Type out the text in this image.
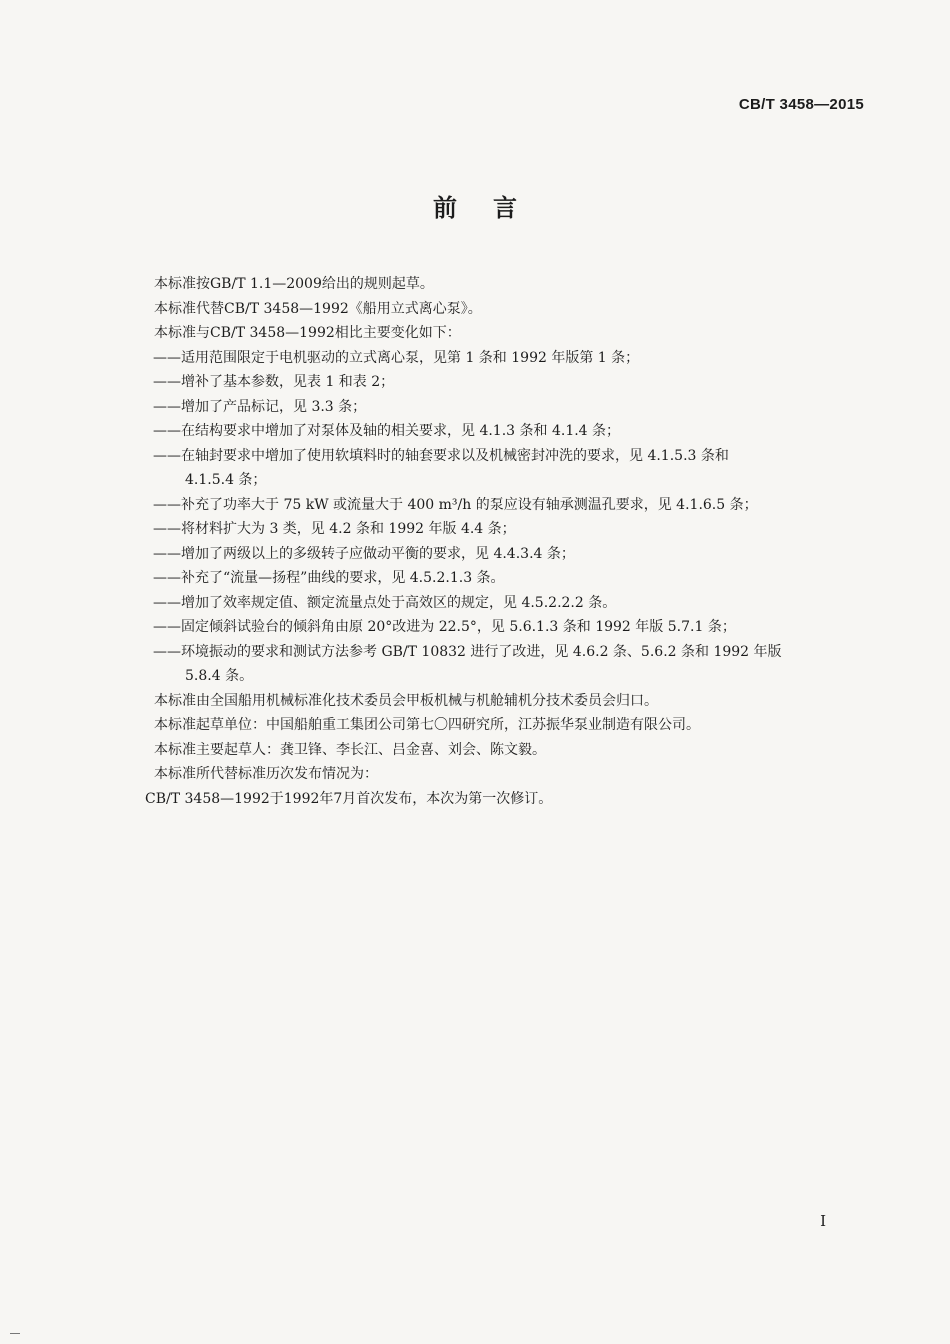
CB/T 3458—2015
前言
本标准按GB/T 1.1—2009给出的规则起草。
本标准代替CB/T 3458—1992《船用立式离心泵》。
本标准与CB/T 3458—1992相比主要变化如下：
——适用范围限定于电机驱动的立式离心泵，见第 1 条和 1992 年版第 1 条；
——增补了基本参数，见表 1 和表 2；
——增加了产品标记，见 3.3 条；
——在结构要求中增加了对泵体及轴的相关要求，见 4.1.3 条和 4.1.4 条；
——在轴封要求中增加了使用软填料时的轴套要求以及机械密封冲洗的要求，见 4.1.5.3 条和
4.1.5.4 条；
——补充了功率大于 75 kW 或流量大于 400 m³/h 的泵应设有轴承测温孔要求，见 4.1.6.5 条；
——将材料扩大为 3 类，见 4.2 条和 1992 年版 4.4 条；
——增加了两级以上的多级转子应做动平衡的要求，见 4.4.3.4 条；
——补充了“流量—扬程”曲线的要求，见 4.5.2.1.3 条。
——增加了效率规定值、额定流量点处于高效区的规定，见 4.5.2.2.2 条。
——固定倾斜试验台的倾斜角由原 20°改进为 22.5°，见 5.6.1.3 条和 1992 年版 5.7.1 条；
——环境振动的要求和测试方法参考 GB/T 10832 进行了改进，见 4.6.2 条、5.6.2 条和 1992 年版
5.8.4 条。
本标准由全国船用机械标准化技术委员会甲板机械与机舱辅机分技术委员会归口。
本标准起草单位：中国船舶重工集团公司第七〇四研究所，江苏振华泵业制造有限公司。
本标准主要起草人：龚卫锋、李长江、吕金喜、刘会、陈文毅。
本标准所代替标准历次发布情况为：
CB/T 3458—1992于1992年7月首次发布，本次为第一次修订。
I
